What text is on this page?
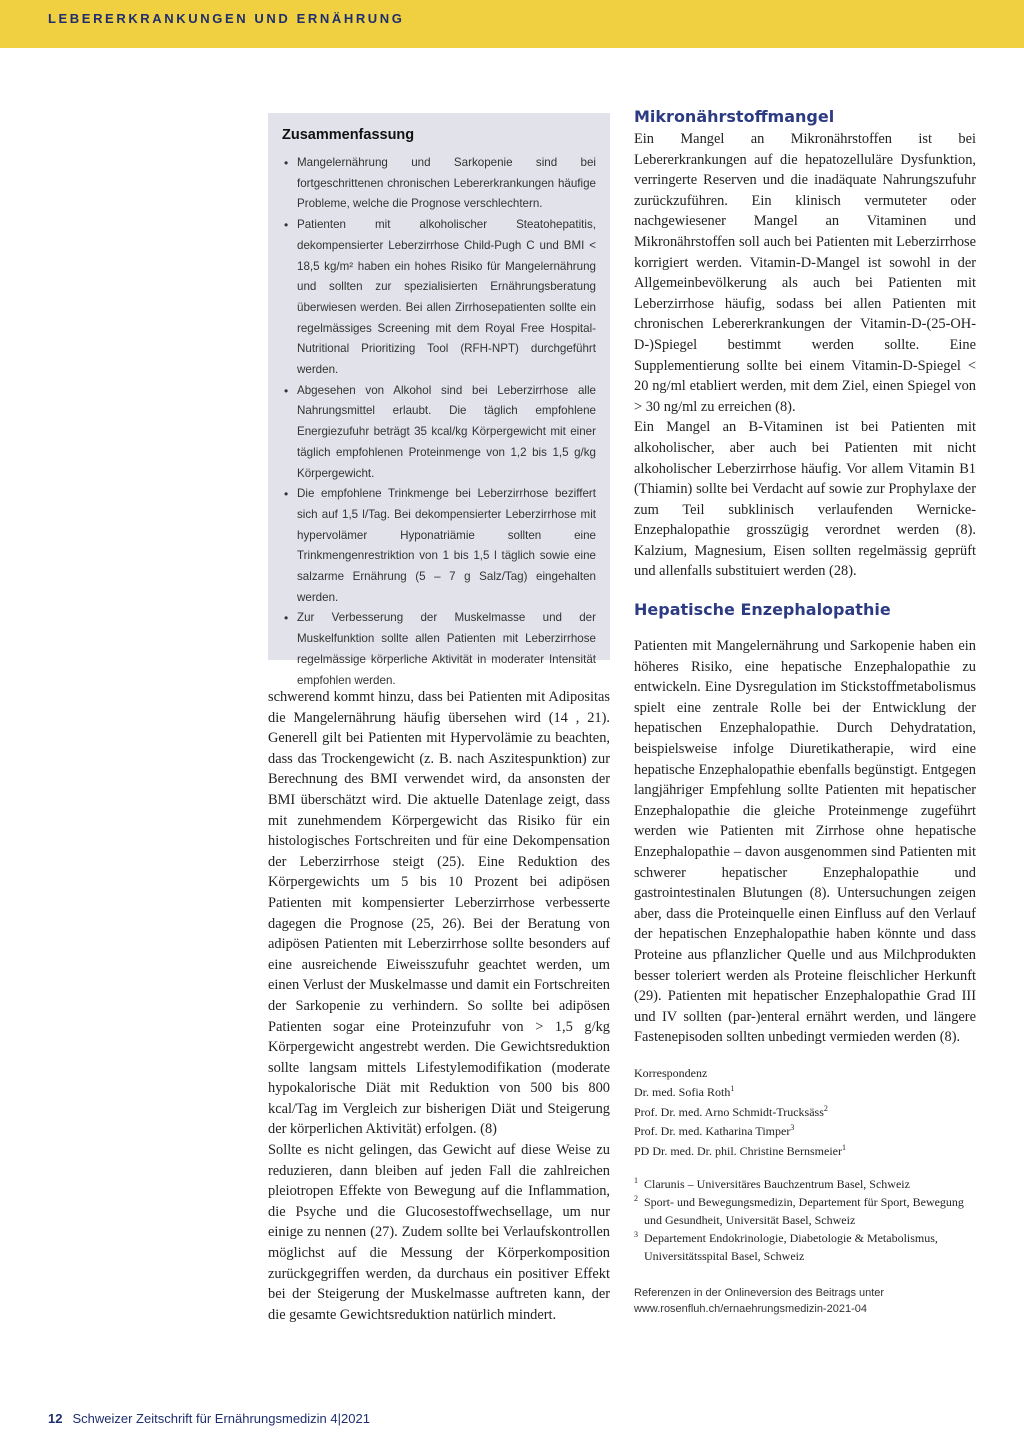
LEBERERKRANKUNGEN UND ERNÄHRUNG
Zusammenfassung
• Mangelernährung und Sarkopenie sind bei fortgeschrittenen chronischen Lebererkrankungen häufige Probleme, welche die Prognose verschlechtern.
• Patienten mit alkoholischer Steatohepatitis, dekompensierter Leberzirrhose Child-Pugh C und BMI < 18,5 kg/m² haben ein hohes Risiko für Mangelernährung und sollten zur spezialisierten Ernährungsberatung überwiesen werden. Bei allen Zirrhosepatienten sollte ein regelmässiges Screening mit dem Royal Free Hospital-Nutritional Prioritizing Tool (RFH-NPT) durchgeführt werden.
• Abgesehen von Alkohol sind bei Leberzirrhose alle Nahrungsmittel erlaubt. Die täglich empfohlene Energiezufuhr beträgt 35 kcal/kg Körpergewicht mit einer täglich empfohlenen Proteinmenge von 1,2 bis 1,5 g/kg Körpergewicht.
• Die empfohlene Trinkmenge bei Leberzirrhose beziffert sich auf 1,5 l/Tag. Bei dekompensierter Leberzirrhose mit hypervolämer Hyponatriämie sollten eine Trinkmengenrestriktion von 1 bis 1,5 l täglich sowie eine salzarme Ernährung (5 – 7 g Salz/Tag) eingehalten werden.
• Zur Verbesserung der Muskelmasse und der Muskelfunktion sollte allen Patienten mit Leberzirrhose regelmässige körperliche Aktivität in moderater Intensität empfohlen werden.

schwerend kommt hinzu, dass bei Patienten mit Adipositas die Mangelernährung häufig übersehen wird (14 , 21). Generell gilt bei Patienten mit Hypervolämie zu beachten, dass das Trockengewicht (z. B. nach Aszitespunktion) zur Berechnung des BMI verwendet wird, da ansonsten der BMI überschätzt wird. Die aktuelle Datenlage zeigt, dass mit zunehmendem Körpergewicht das Risiko für ein histologisches Fortschreiten und für eine Dekompensation der Leberzirrhose steigt (25). Eine Reduktion des Körpergewichts um 5 bis 10 Prozent bei adipösen Patienten mit kompensierter Leberzirrhose verbesserte dagegen die Prognose (25, 26). Bei der Beratung von adipösen Patienten mit Leberzirrhose sollte besonders auf eine ausreichende Eiweisszufuhr geachtet werden, um einen Verlust der Muskelmasse und damit ein Fortschreiten der Sarkopenie zu verhindern. So sollte bei adipösen Patienten sogar eine Proteinzufuhr von > 1,5 g/kg Körpergewicht angestrebt werden. Die Gewichtsreduktion sollte langsam mittels Lifestylemodifikation (moderate hypokalorische Diät mit Reduktion von 500 bis 800 kcal/Tag im Vergleich zur bisherigen Diät und Steigerung der körperlichen Aktivität) erfolgen. (8)

Sollte es nicht gelingen, das Gewicht auf diese Weise zu reduzieren, dann bleiben auf jeden Fall die zahlreichen pleiotropen Effekte von Bewegung auf die Inflammation, die Psyche und die Glucosestoffwechsellage, um nur einige zu nennen (27). Zudem sollte bei Verlaufskontrollen möglichst auf die Messung der Körperkomposition zurückgegriffen werden, da durchaus ein positiver Effekt bei der Steigerung der Muskelmasse auftreten kann, der die gesamte Gewichtsreduktion natürlich mindert.

Mikronährstoffmangel

Ein Mangel an Mikronährstoffen ist bei Lebererkrankungen auf die hepatozelluläre Dysfunktion, verringerte Reserven und die inadäquate Nahrungszufuhr zurückzuführen. Ein klinisch vermuteter oder nachgewiesener Mangel an Vitaminen und Mikronährstoffen soll auch bei Patienten mit Leberzirrhose korrigiert werden. Vitamin-D-Mangel ist sowohl in der Allgemeinbevölkerung als auch bei Patienten mit Leberzirrhose häufig, sodass bei allen Patienten mit chronischen Lebererkrankungen der Vitamin-D-(25-OH-D-)Spiegel bestimmt werden sollte. Eine Supplementierung sollte bei einem Vitamin-D-Spiegel < 20 ng/ml etabliert werden, mit dem Ziel, einen Spiegel von > 30 ng/ml zu erreichen (8).

Ein Mangel an B-Vitaminen ist bei Patienten mit alkoholischer, aber auch bei Patienten mit nicht alkoholischer Leberzirrhose häufig. Vor allem Vitamin B1 (Thiamin) sollte bei Verdacht auf sowie zur Prophylaxe der zum Teil subklinisch verlaufenden Wernicke-Enzephalopathie grosszügig verordnet werden (8). Kalzium, Magnesium, Eisen sollten regelmässig geprüft und allenfalls substituiert werden (28).

Hepatische Enzephalopathie

Patienten mit Mangelernährung und Sarkopenie haben ein höheres Risiko, eine hepatische Enzephalopathie zu entwickeln. Eine Dysregulation im Stickstoffmetabolismus spielt eine zentrale Rolle bei der Entwicklung der hepatischen Enzephalopathie. Durch Dehydratation, beispielsweise infolge Diuretikatherapie, wird eine hepatische Enzephalopathie ebenfalls begünstigt. Entgegen langjähriger Empfehlung sollte Patienten mit hepatischer Enzephalopathie die gleiche Proteinmenge zugeführt werden wie Patienten mit Zirrhose ohne hepatische Enzephalopathie – davon ausgenommen sind Patienten mit schwerer hepatischer Enzephalopathie und gastrointestinalen Blutungen (8). Untersuchungen zeigen aber, dass die Proteinquelle einen Einfluss auf den Verlauf der hepatischen Enzephalopathie haben könnte und dass Proteine aus pflanzlicher Quelle und aus Milchprodukten besser toleriert werden als Proteine fleischlicher Herkunft (29). Patienten mit hepatischer Enzephalopathie Grad III und IV sollten (par-)enteral ernährt werden, und längere Fastenepisoden sollten unbedingt vermieden werden (8).

Korrespondenz
Dr. med. Sofia Roth$^1$
Prof. Dr. med. Arno Schmidt-Trucksäss$^2$
Prof. Dr. med. Katharina Timper$^3$
PD Dr. med. Dr. phil. Christine Bernsmeier$^1$
1 Clarunis – Universitäres Bauchzentrum Basel, Schweiz
2 Sport- und Bewegungsmedizin, Departement für Sport, Bewegung und Gesundheit, Universität Basel, Schweiz
3 Departement Endokrinologie, Diabetologie & Metabolismus, Universitätsspital Basel, Schweiz
Referenzen in der Onlineversion des Beitrags unter
www.rosenfluh.ch/ernaehrungsmedizin-2021-04
12 Schweizer Zeitschrift für Ernährungsmedizin 4|2021
